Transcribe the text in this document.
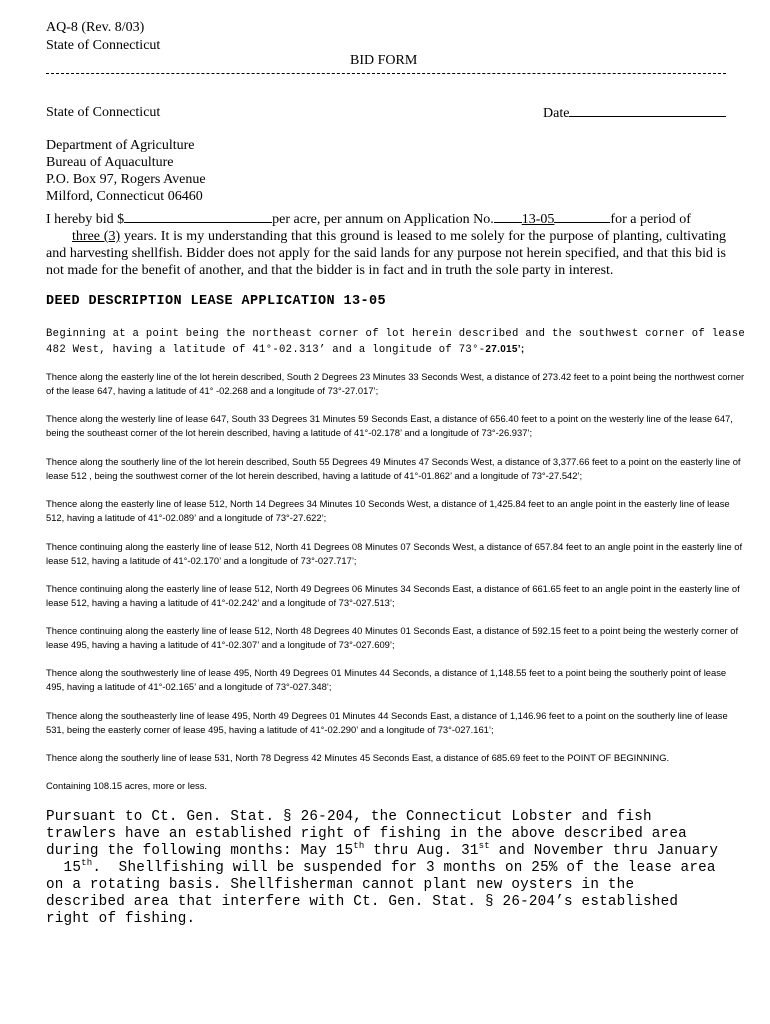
AQ-8 (Rev. 8/03)
State of Connecticut
BID FORM
State of Connecticut	Date
Department of Agriculture
Bureau of Aquaculture
P.O. Box 97, Rogers Avenue
Milford, Connecticut 06460
I hereby bid $	per acre, per annum on Application No. 13-05	for a period of
three (3) years. It is my understanding that this ground is leased to me solely for the purpose of planting, cultivating and harvesting shellfish. Bidder does not apply for the said lands for any purpose not herein specified, and that this bid is not made for the benefit of another, and that the bidder is in fact and in truth the sole party in interest.
DEED DESCRIPTION LEASE APPLICATION 13-05
Beginning at a point being the northeast corner of lot herein described and the southwest corner of lease 482 West, having a latitude of 41°-02.313’ and a longitude of 73°-27.015’;
Thence along the easterly line of the lot herein described, South 2 Degrees 23 Minutes 33 Seconds West, a distance of 273.42 feet to a point being the northwest corner of the lease 647, having a latitude of 41° -02.268 and a longitude of 73°-27.017’;
Thence along the westerly line of lease 647, South 33 Degrees 31 Minutes 59 Seconds East, a distance of 656.40 feet to a point on the westerly line of the lease 647, being the southeast corner of the lot herein described, having a latitude of 41°-02.178’ and a longitude of 73°-26.937’;
Thence along the southerly line of the lot herein described, South 55 Degrees 49 Minutes 47 Seconds West, a distance of 3,377.66 feet to a point on the easterly line of lease 512 , being the southwest corner of the lot herein described, having a latitude of 41°-01.862’ and a longitude of 73°-27.542’;
Thence along the easterly line of lease 512, North 14 Degrees 34 Minutes 10 Seconds West, a distance of 1,425.84 feet to an angle point in the easterly line of lease 512, having a latitude of 41°-02.089’ and a longitude of 73°-27.622’;
Thence continuing along the easterly line of lease 512, North 41 Degrees 08 Minutes 07 Seconds West, a distance of 657.84 feet to an angle point in the easterly line of lease 512, having a latitude of 41°-02.170’ and a longitude of 73°-027.717’;
Thence continuing along the easterly line of lease 512, North 49 Degrees 06 Minutes 34 Seconds East, a distance of 661.65 feet to an angle point in the easterly line of lease 512, having a having a latitude of 41°-02.242’ and a longitude of 73°-027.513’;
Thence continuing along the easterly line of lease 512, North 48 Degrees 40 Minutes 01 Seconds East, a distance of 592.15 feet to a point being the westerly corner of lease 495, having a having a latitude of 41°-02.307’ and a longitude of 73°-027.609’;
Thence along the southwesterly line of lease 495, North 49 Degrees 01 Minutes 44 Seconds, a distance of 1,148.55 feet to a point being the southerly point of lease 495, having a latitude of 41°-02.165’ and a longitude of 73°-027.348’;
Thence along the southeasterly line of lease 495, North 49 Degrees 01 Minutes 44 Seconds East, a distance of 1,146.96 feet to a point on the southerly line of lease 531, being the easterly corner of lease 495, having a latitude of 41°-02.290’ and a longitude of 73°-027.161’;
Thence along the southerly line of lease 531, North 78 Degress 42 Minutes 45 Seconds East, a distance of 685.69 feet to the POINT OF BEGINNING.
Containing 108.15 acres, more or less.
Pursuant to Ct. Gen. Stat. § 26-204, the Connecticut Lobster and fish
trawlers have an established right of fishing in the above described area
during the following months: May 15th thru Aug. 31st and November thru January
15th.  Shellfishing will be suspended for 3 months on 25% of the lease area
on a rotating basis. Shellfisherman cannot plant new oysters in the
described area that interfere with Ct. Gen. Stat. § 26-204’s established
right of fishing.
